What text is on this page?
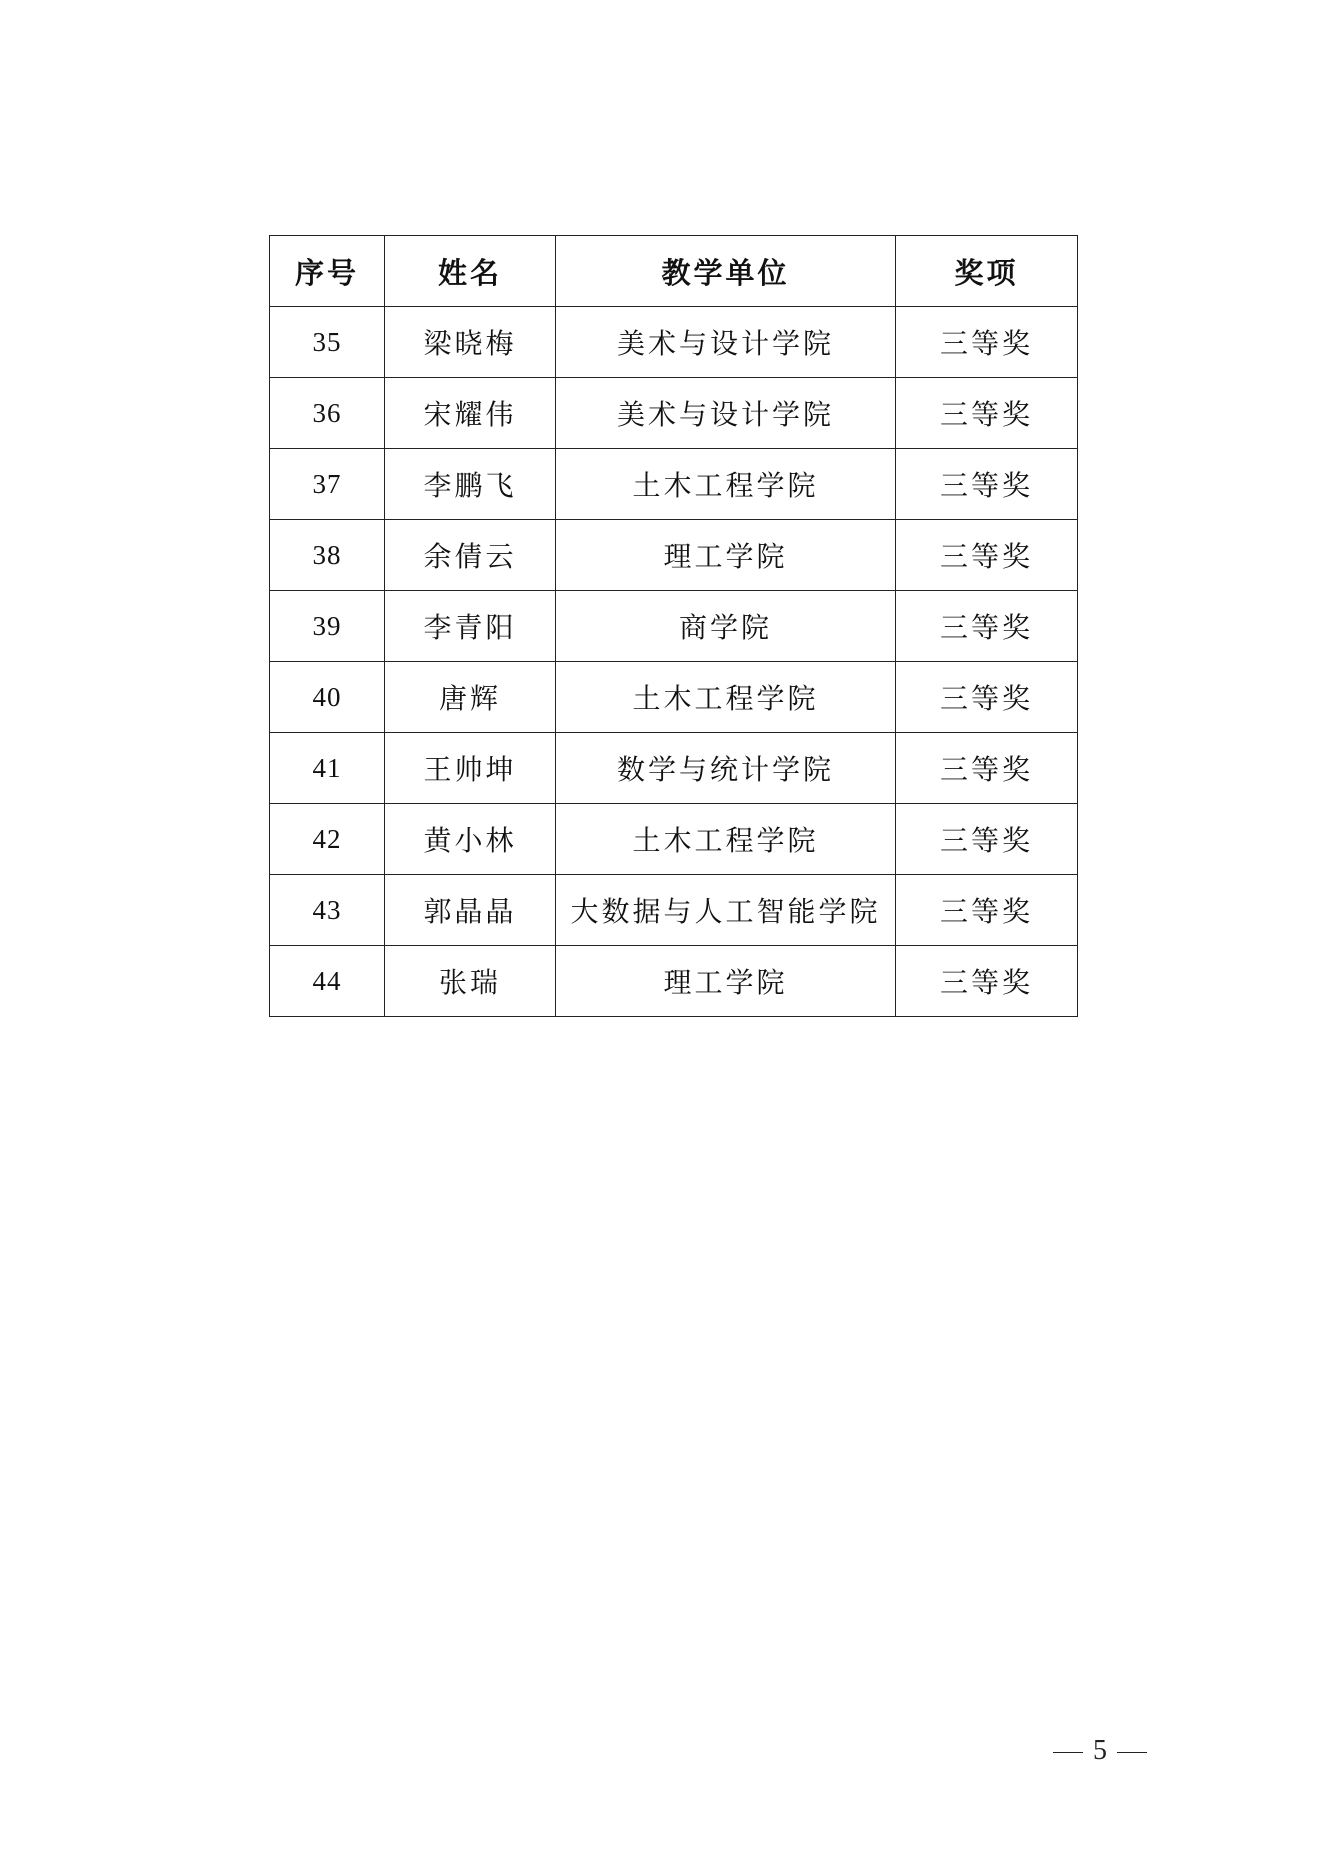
序号	姓名	教学单位	奖项
35	梁晓梅	美术与设计学院	三等奖
36	宋耀伟	美术与设计学院	三等奖
37	李鹏飞	土木工程学院	三等奖
38	余倩云	理工学院	三等奖
39	李青阳	商学院	三等奖
40	唐辉	土木工程学院	三等奖
41	王帅坤	数学与统计学院	三等奖
42	黄小林	土木工程学院	三等奖
43	郭晶晶	大数据与人工智能学院	三等奖
44	张瑞	理工学院	三等奖
5
